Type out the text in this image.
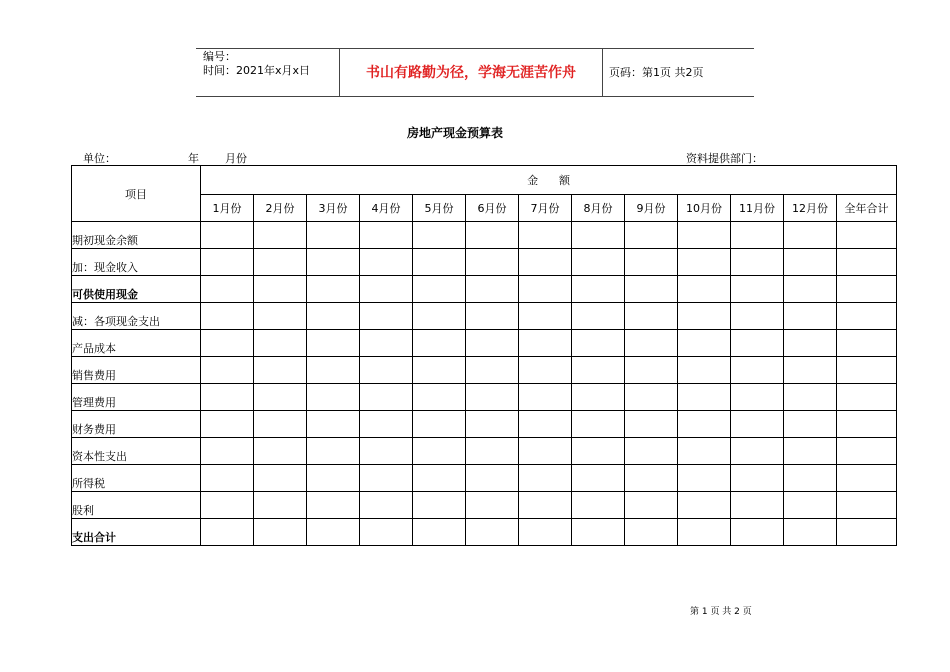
编号：
时间：2021年x月x日	书山有路勤为径，学海无涯苦作舟	页码：第1页 共2页
房地产现金预算表
单位：	年 月份	资料提供部门：
项目	金      额												
	1月份	2月份	3月份	4月份	5月份	6月份	7月份	8月份	9月份	10月份	11月份	12月份	全年合计
期初现金余额													
加：现金收入													
可供使用现金													
减：各项现金支出													
产品成本													
销售费用													
管理费用													
财务费用													
资本性支出													
所得税													
股利													
支出合计													
第 1 页 共 2 页
